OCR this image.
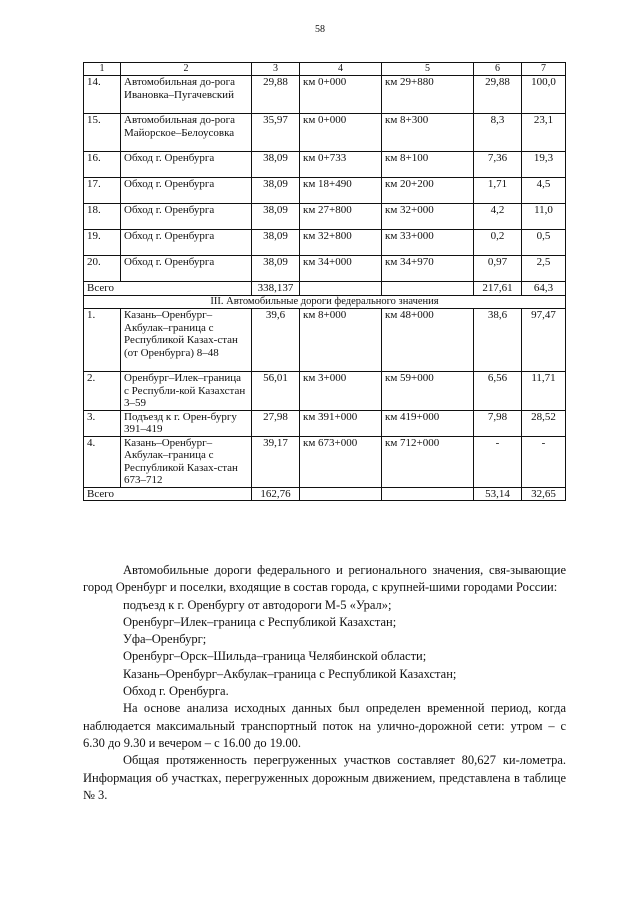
58
1	2	3	4	5	6	7
14.	Автомобильная до-рога Ивановка–Пугачевский	29,88	км 0+000	км 29+880	29,88	100,0
15.	Автомобильная до-рога Майорское–Белоусовка	35,97	км 0+000	км 8+300	8,3	23,1
16.	Обход г. Оренбурга	38,09	км 0+733	км 8+100	7,36	19,3
17.	Обход г. Оренбурга	38,09	км 18+490	км 20+200	1,71	4,5
18.	Обход г. Оренбурга	38,09	км 27+800	км 32+000	4,2	11,0
19.	Обход г. Оренбурга	38,09	км 32+800	км 33+000	0,2	0,5
20.	Обход г. Оренбурга	38,09	км 34+000	км 34+970	0,97	2,5
Всего		338,137			217,61	64,3
III. Автомобильные дороги федерального значения						
1.	Казань–Оренбург–Акбулак–граница с Республикой Казах-стан (от Оренбурга) 8–48	39,6	км 8+000	км 48+000	38,6	97,47
2.	Оренбург–Илек–граница с Республи-кой Казахстан 3–59	56,01	км 3+000	км 59+000	6,56	11,71
3.	Подъезд к г. Орен-бургу 391–419	27,98	км 391+000	км 419+000	7,98	28,52
4.	Казань–Оренбург–Акбулак–граница с Республикой Казах-стан 673–712	39,17	км 673+000	км 712+000	-	-
Всего		162,76			53,14	32,65

Автомобильные дороги федерального и регионального значения, свя-зывающие город Оренбург и поселки, входящие в состав города, с крупней-шими городами России:

подъезд к г. Оренбургу от автодороги М-5 «Урал»;

Оренбург–Илек–граница с Республикой Казахстан;

Уфа–Оренбург;

Оренбург–Орск–Шильда–граница Челябинской области;

Казань–Оренбург–Акбулак–граница с Республикой Казахстан;

Обход г. Оренбурга.

На основе анализа исходных данных был определен временной период, когда наблюдается максимальный транспортный поток на улично-дорожной сети: утром – с 6.30 до 9.30 и вечером – с 16.00 до 19.00.

Общая протяженность перегруженных участков составляет 80,627 ки-лометра. Информация об участках, перегруженных дорожным движением, представлена в таблице № 3.
